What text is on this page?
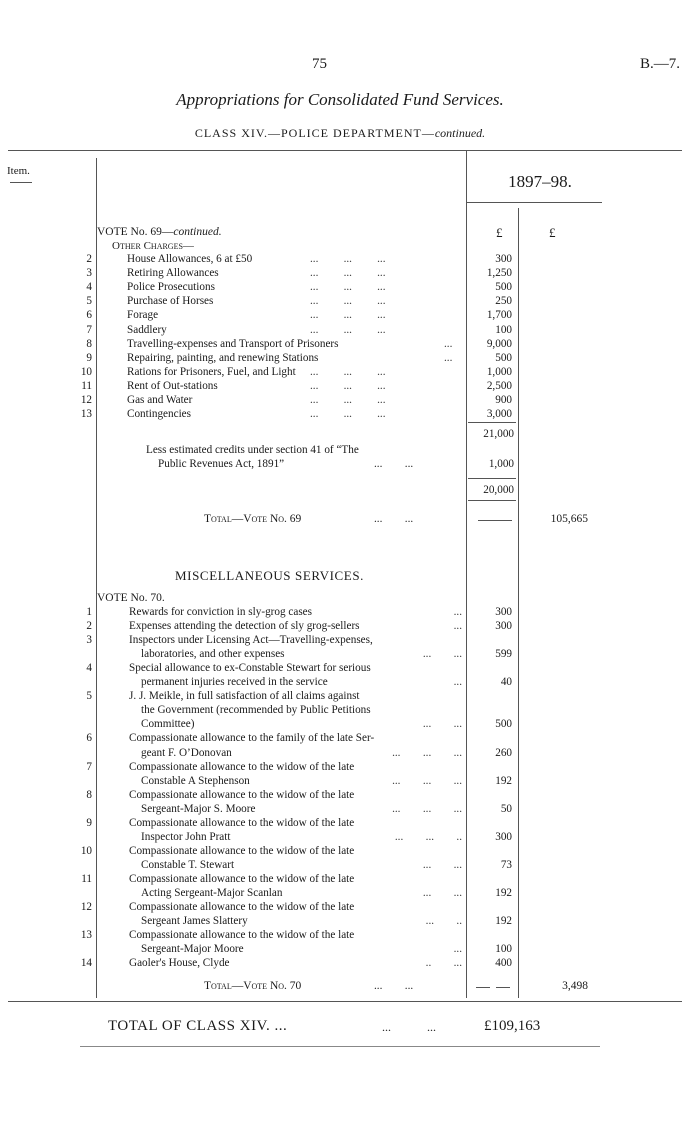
75	B.—7.
Appropriations for Consolidated Fund Services.
CLASS XIV.—POLICE DEPARTMENT—continued.
Item.
1897–98.
£	£
VOTE No. 69—continued.
Other Charges—
2	House Allowances, 6 at £50	...         ...         ...	300
3	Retiring Allowances	...         ...         ...	1,250
4	Police Prosecutions	...         ...         ...	500
5	Purchase of Horses	...         ...         ...	250
6	Forage	...         ...         ...	1,700
7	Saddlery	...         ...         ...	100
8	Travelling-expenses and Transport of Prisoners	...	9,000
9	Repairing, painting, and renewing Stations	...	500
10	Rations for Prisoners, Fuel, and Light	...         ...         ...	1,000
11	Rent of Out-stations	...         ...         ...	2,500
12	Gas and Water	...         ...         ...	900
13	Contingencies	...         ...         ...	3,000
21,000
Less estimated credits under section 41 of “The
Public Revenues Act, 1891”	...        ...	1,000
20,000
Total—Vote No. 69	...        ...	105,665
MISCELLANEOUS SERVICES.
VOTE No. 70.
1	Rewards for conviction in sly-grog cases	...	300
2	Expenses attending the detection of sly grog-sellers	...	300
3	Inspectors under Licensing Act—Travelling-expenses,
laboratories, and other expenses	...        ...	599
4	Special allowance to ex-Constable Stewart for serious
permanent injuries received in the service	...	40
5	J. J. Meikle, in full satisfaction of all claims against
the Government (recommended by Public Petitions
Committee)	...        ...	500
6	Compassionate allowance to the family of the late Ser-
geant F. O’Donovan	...        ...        ...	260
7	Compassionate allowance to the widow of the late
Constable A Stephenson	...        ...        ...	192
8	Compassionate allowance to the widow of the late
Sergeant-Major S. Moore	...        ...        ...	50
9	Compassionate allowance to the widow of the late
Inspector John Pratt	...        ...        ..	300
10	Compassionate allowance to the widow of the late
Constable T. Stewart	...        ...	73
11	Compassionate allowance to the widow of the late
Acting Sergeant-Major Scanlan	...        ...	192
12	Compassionate allowance to the widow of the late
Sergeant James Slattery	...        ..	192
13	Compassionate allowance to the widow of the late
Sergeant-Major Moore	...	100
14	Gaoler's House, Clyde	..        ...	400
Total—Vote No. 70	...        ...	3,498
TOTAL OF CLASS XIV. ...	...            ...	£109,163
